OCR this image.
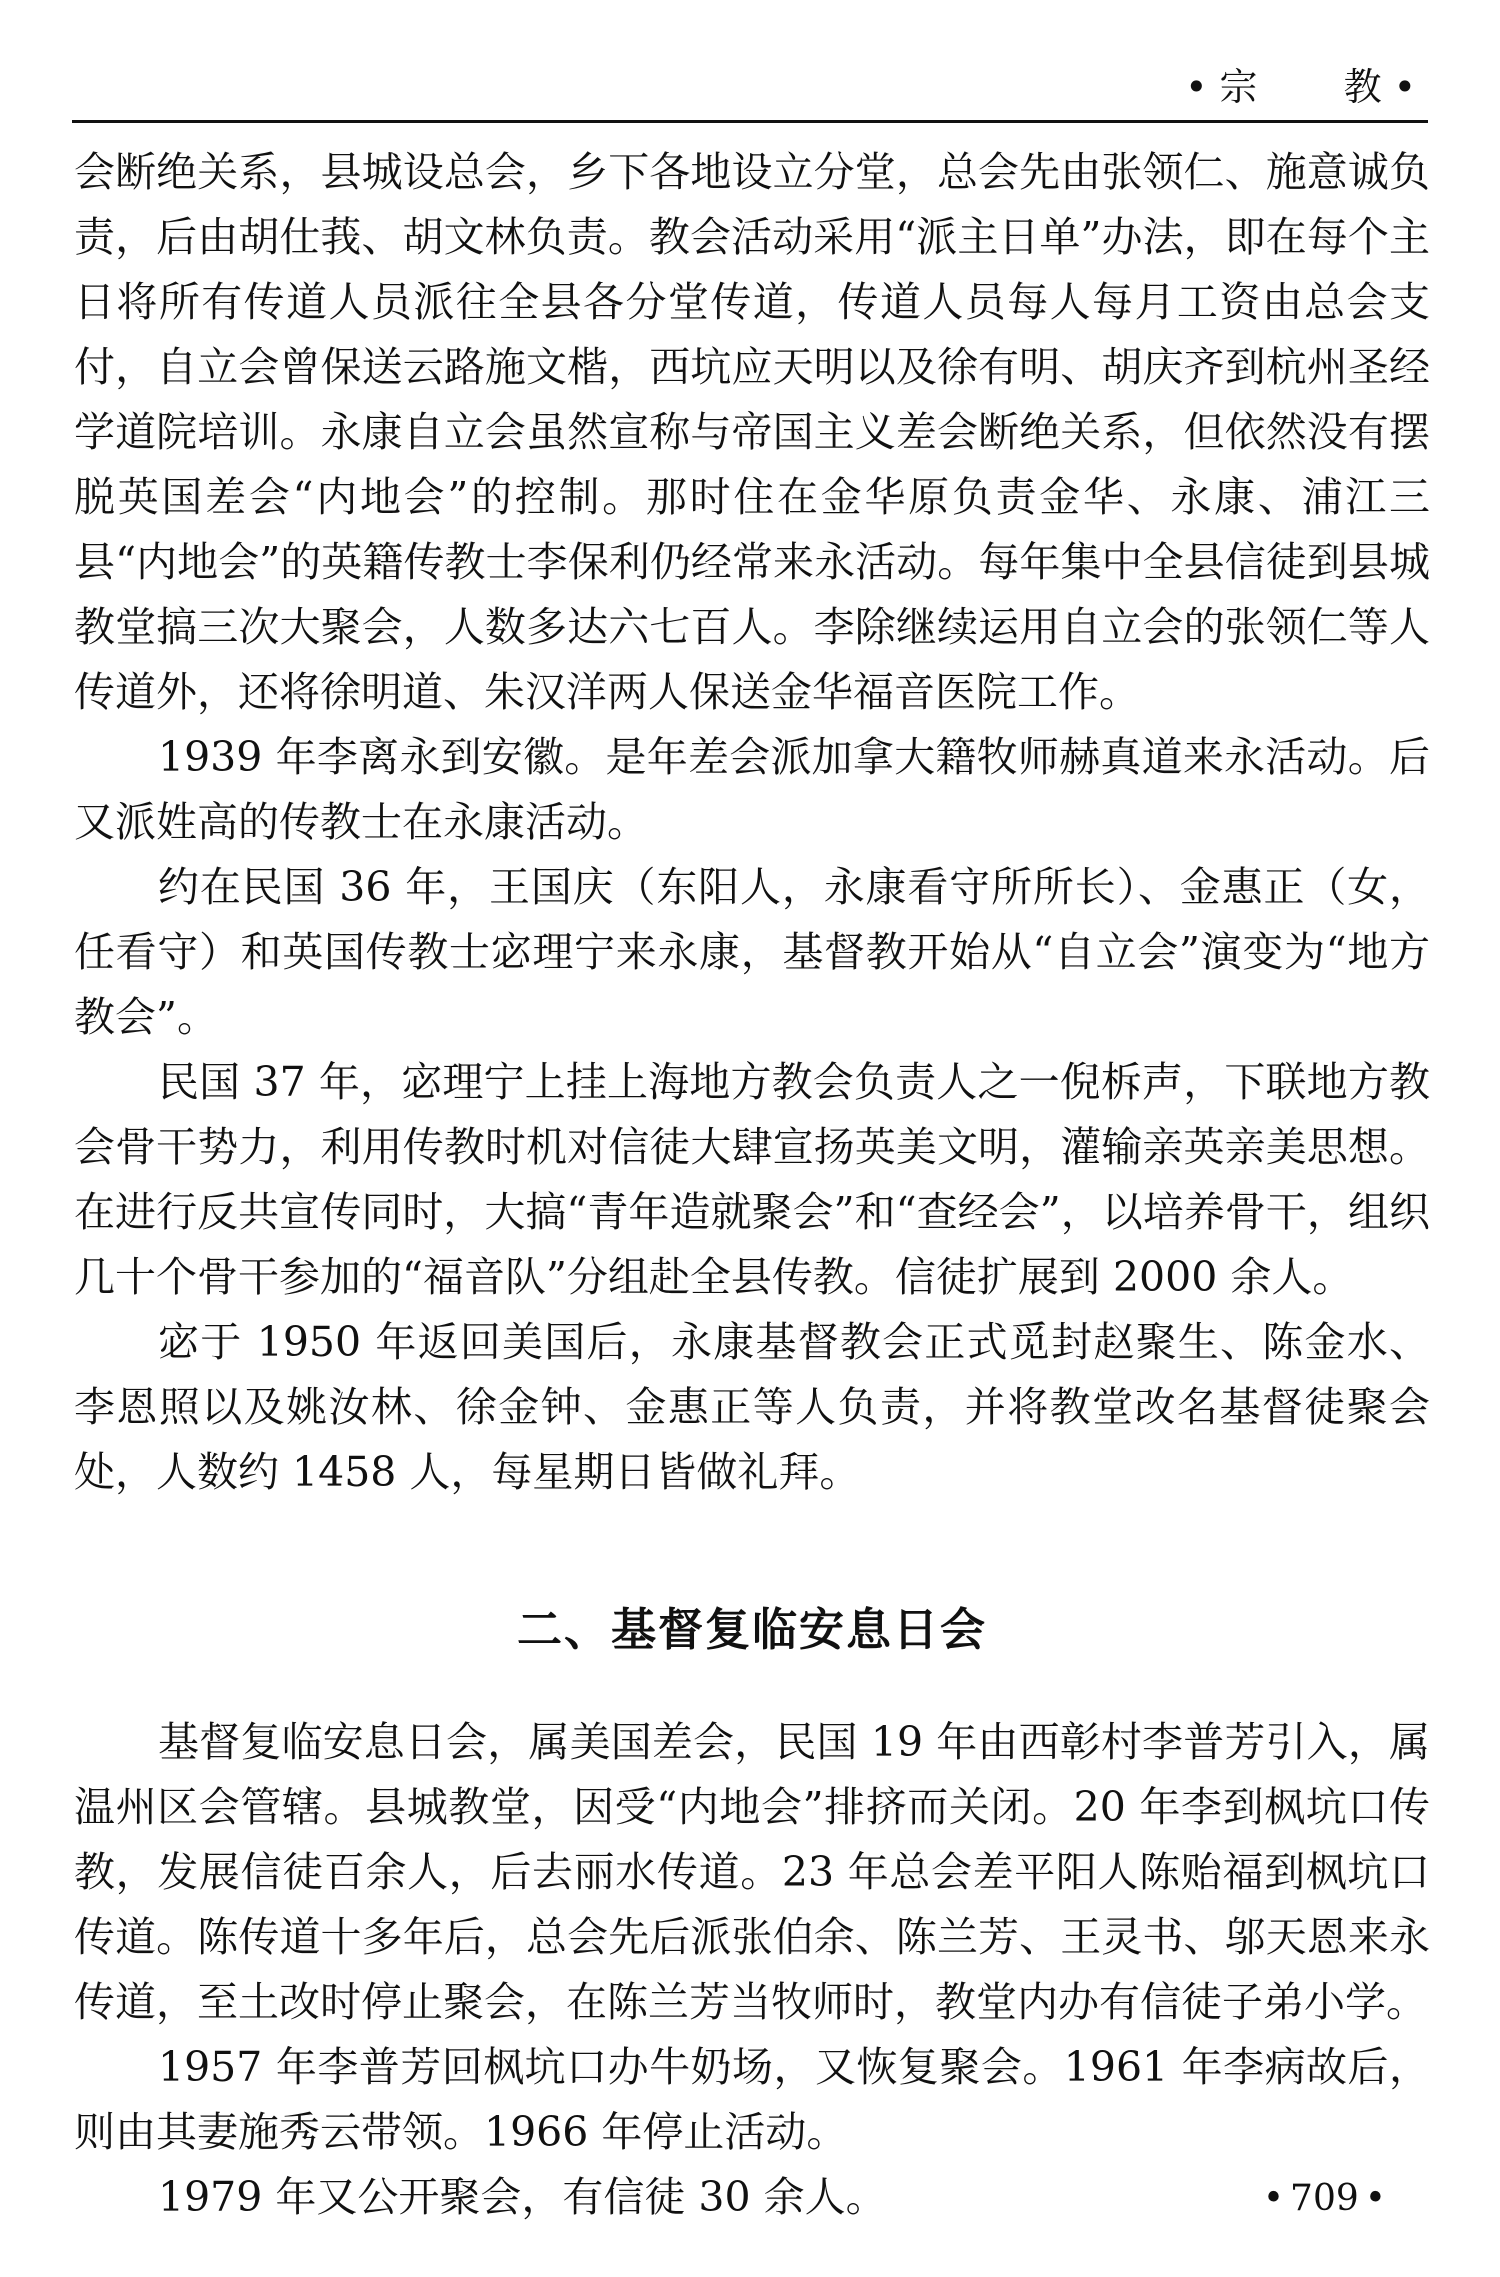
• 宗 教 •

会断绝关系，县城设总会，乡下各地设立分堂，总会先由张领仁、施意诚负责，后由胡仕莪、胡文林负责。教会活动采用“派主日单”办法，即在每个主日将所有传道人员派往全县各分堂传道，传道人员每人每月工资由总会支付，自立会曾保送云路施文楷，西坑应天明以及徐有明、胡庆齐到杭州圣经学道院培训。永康自立会虽然宣称与帝国主义差会断绝关系，但依然没有摆脱英国差会“内地会”的控制。那时住在金华原负责金华、永康、浦江三县“内地会”的英籍传教士李保利仍经常来永活动。每年集中全县信徒到县城教堂搞三次大聚会，人数多达六七百人。李除继续运用自立会的张领仁等人传道外，还将徐明道、朱汉洋两人保送金华福音医院工作。

1939 年李离永到安徽。是年差会派加拿大籍牧师赫真道来永活动。后又派姓高的传教士在永康活动。

约在民国 36 年，王国庆（东阳人，永康看守所所长）、金惠正（女，任看守）和英国传教士宓理宁来永康，基督教开始从“自立会”演变为“地方教会”。

民国 37 年，宓理宁上挂上海地方教会负责人之一倪柝声，下联地方教会骨干势力，利用传教时机对信徒大肆宣扬英美文明，灌输亲英亲美思想。在进行反共宣传同时，大搞“青年造就聚会”和“查经会”，以培养骨干，组织几十个骨干参加的“福音队”分组赴全县传教。信徒扩展到 2000 余人。

宓于 1950 年返回美国后，永康基督教会正式觅封赵聚生、陈金水、李恩照以及姚汝林、徐金钟、金惠正等人负责，并将教堂改名基督徒聚会处，人数约 1458 人，每星期日皆做礼拜。

二、基督复临安息日会

基督复临安息日会，属美国差会，民国 19 年由西彰村李普芳引入，属温州区会管辖。县城教堂，因受“内地会”排挤而关闭。20 年李到枫坑口传教，发展信徒百余人，后去丽水传道。23 年总会差平阳人陈贻福到枫坑口传道。陈传道十多年后，总会先后派张伯余、陈兰芳、王灵书、邬天恩来永传道，至土改时停止聚会，在陈兰芳当牧师时，教堂内办有信徒子弟小学。

1957 年李普芳回枫坑口办牛奶场，又恢复聚会。1961 年李病故后，则由其妻施秀云带领。1966 年停止活动。

1979 年又公开聚会，有信徒 30 余人。	• 709 •
